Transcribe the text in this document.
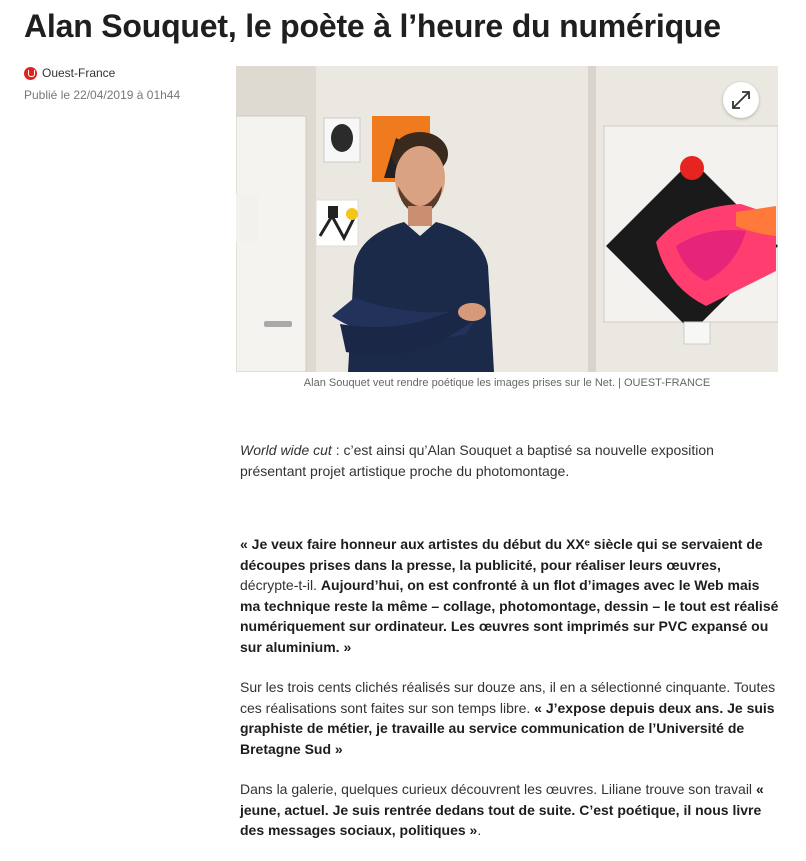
Alan Souquet, le poète à l’heure du numérique
Ouest-France
Publié le 22/04/2019 à 01h44
Alan Souquet veut rendre poétique les images prises sur le Net. | OUEST-FRANCE

World wide cut : c’est ainsi qu’Alan Souquet a baptisé sa nouvelle exposition présentant projet artistique proche du photomontage.

« Je veux faire honneur aux artistes du début du XXᵉ siècle qui se servaient de découpes prises dans la presse, la publicité, pour réaliser leurs œuvres, décrypte-t-il. Aujourd’hui, on est confronté à un flot d’images avec le Web mais ma technique reste la même – collage, photomontage, dessin – le tout est réalisé numériquement sur ordinateur. Les œuvres sont imprimés sur PVC expansé ou sur aluminium. »

Sur les trois cents clichés réalisés sur douze ans, il en a sélectionné cinquante. Toutes ces réalisations sont faites sur son temps libre. « J’expose depuis deux ans. Je suis graphiste de métier, je travaille au service communication de l’Université de Bretagne Sud »

Dans la galerie, quelques curieux découvrent les œuvres. Liliane trouve son travail « jeune, actuel. Je suis rentrée dedans tout de suite. C’est poétique, il nous livre des messages sociaux, politiques ».
